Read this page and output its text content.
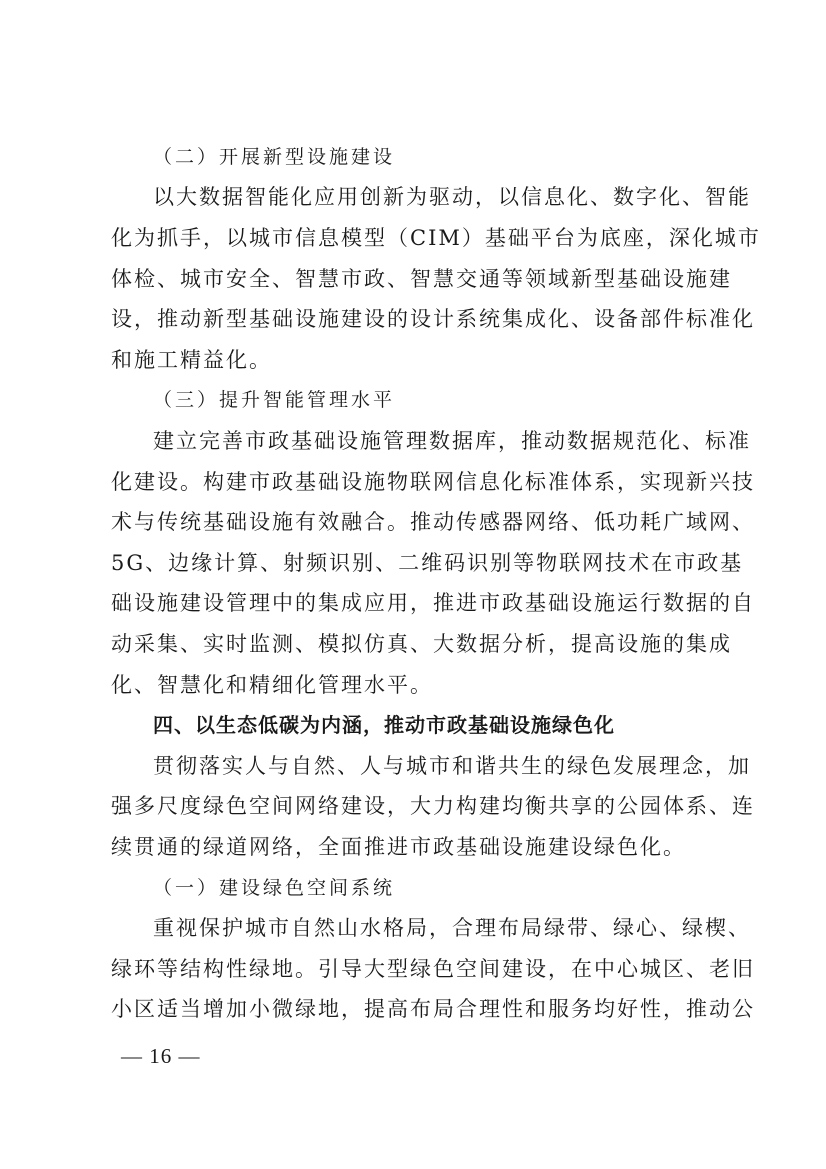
（二）开展新型设施建设
以大数据智能化应用创新为驱动，以信息化、数字化、智能
化为抓手，以城市信息模型（CIM）基础平台为底座，深化城市
体检、城市安全、智慧市政、智慧交通等领域新型基础设施建
设，推动新型基础设施建设的设计系统集成化、设备部件标准化
和施工精益化。
（三）提升智能管理水平
建立完善市政基础设施管理数据库，推动数据规范化、标准
化建设。构建市政基础设施物联网信息化标准体系，实现新兴技
术与传统基础设施有效融合。推动传感器网络、低功耗广域网、
5G、边缘计算、射频识别、二维码识别等物联网技术在市政基
础设施建设管理中的集成应用，推进市政基础设施运行数据的自
动采集、实时监测、模拟仿真、大数据分析，提高设施的集成
化、智慧化和精细化管理水平。
四、以生态低碳为内涵，推动市政基础设施绿色化
贯彻落实人与自然、人与城市和谐共生的绿色发展理念，加
强多尺度绿色空间网络建设，大力构建均衡共享的公园体系、连
续贯通的绿道网络，全面推进市政基础设施建设绿色化。
（一）建设绿色空间系统
重视保护城市自然山水格局，合理布局绿带、绿心、绿楔、
绿环等结构性绿地。引导大型绿色空间建设，在中心城区、老旧
小区适当增加小微绿地，提高布局合理性和服务均好性，推动公
— 16 —
